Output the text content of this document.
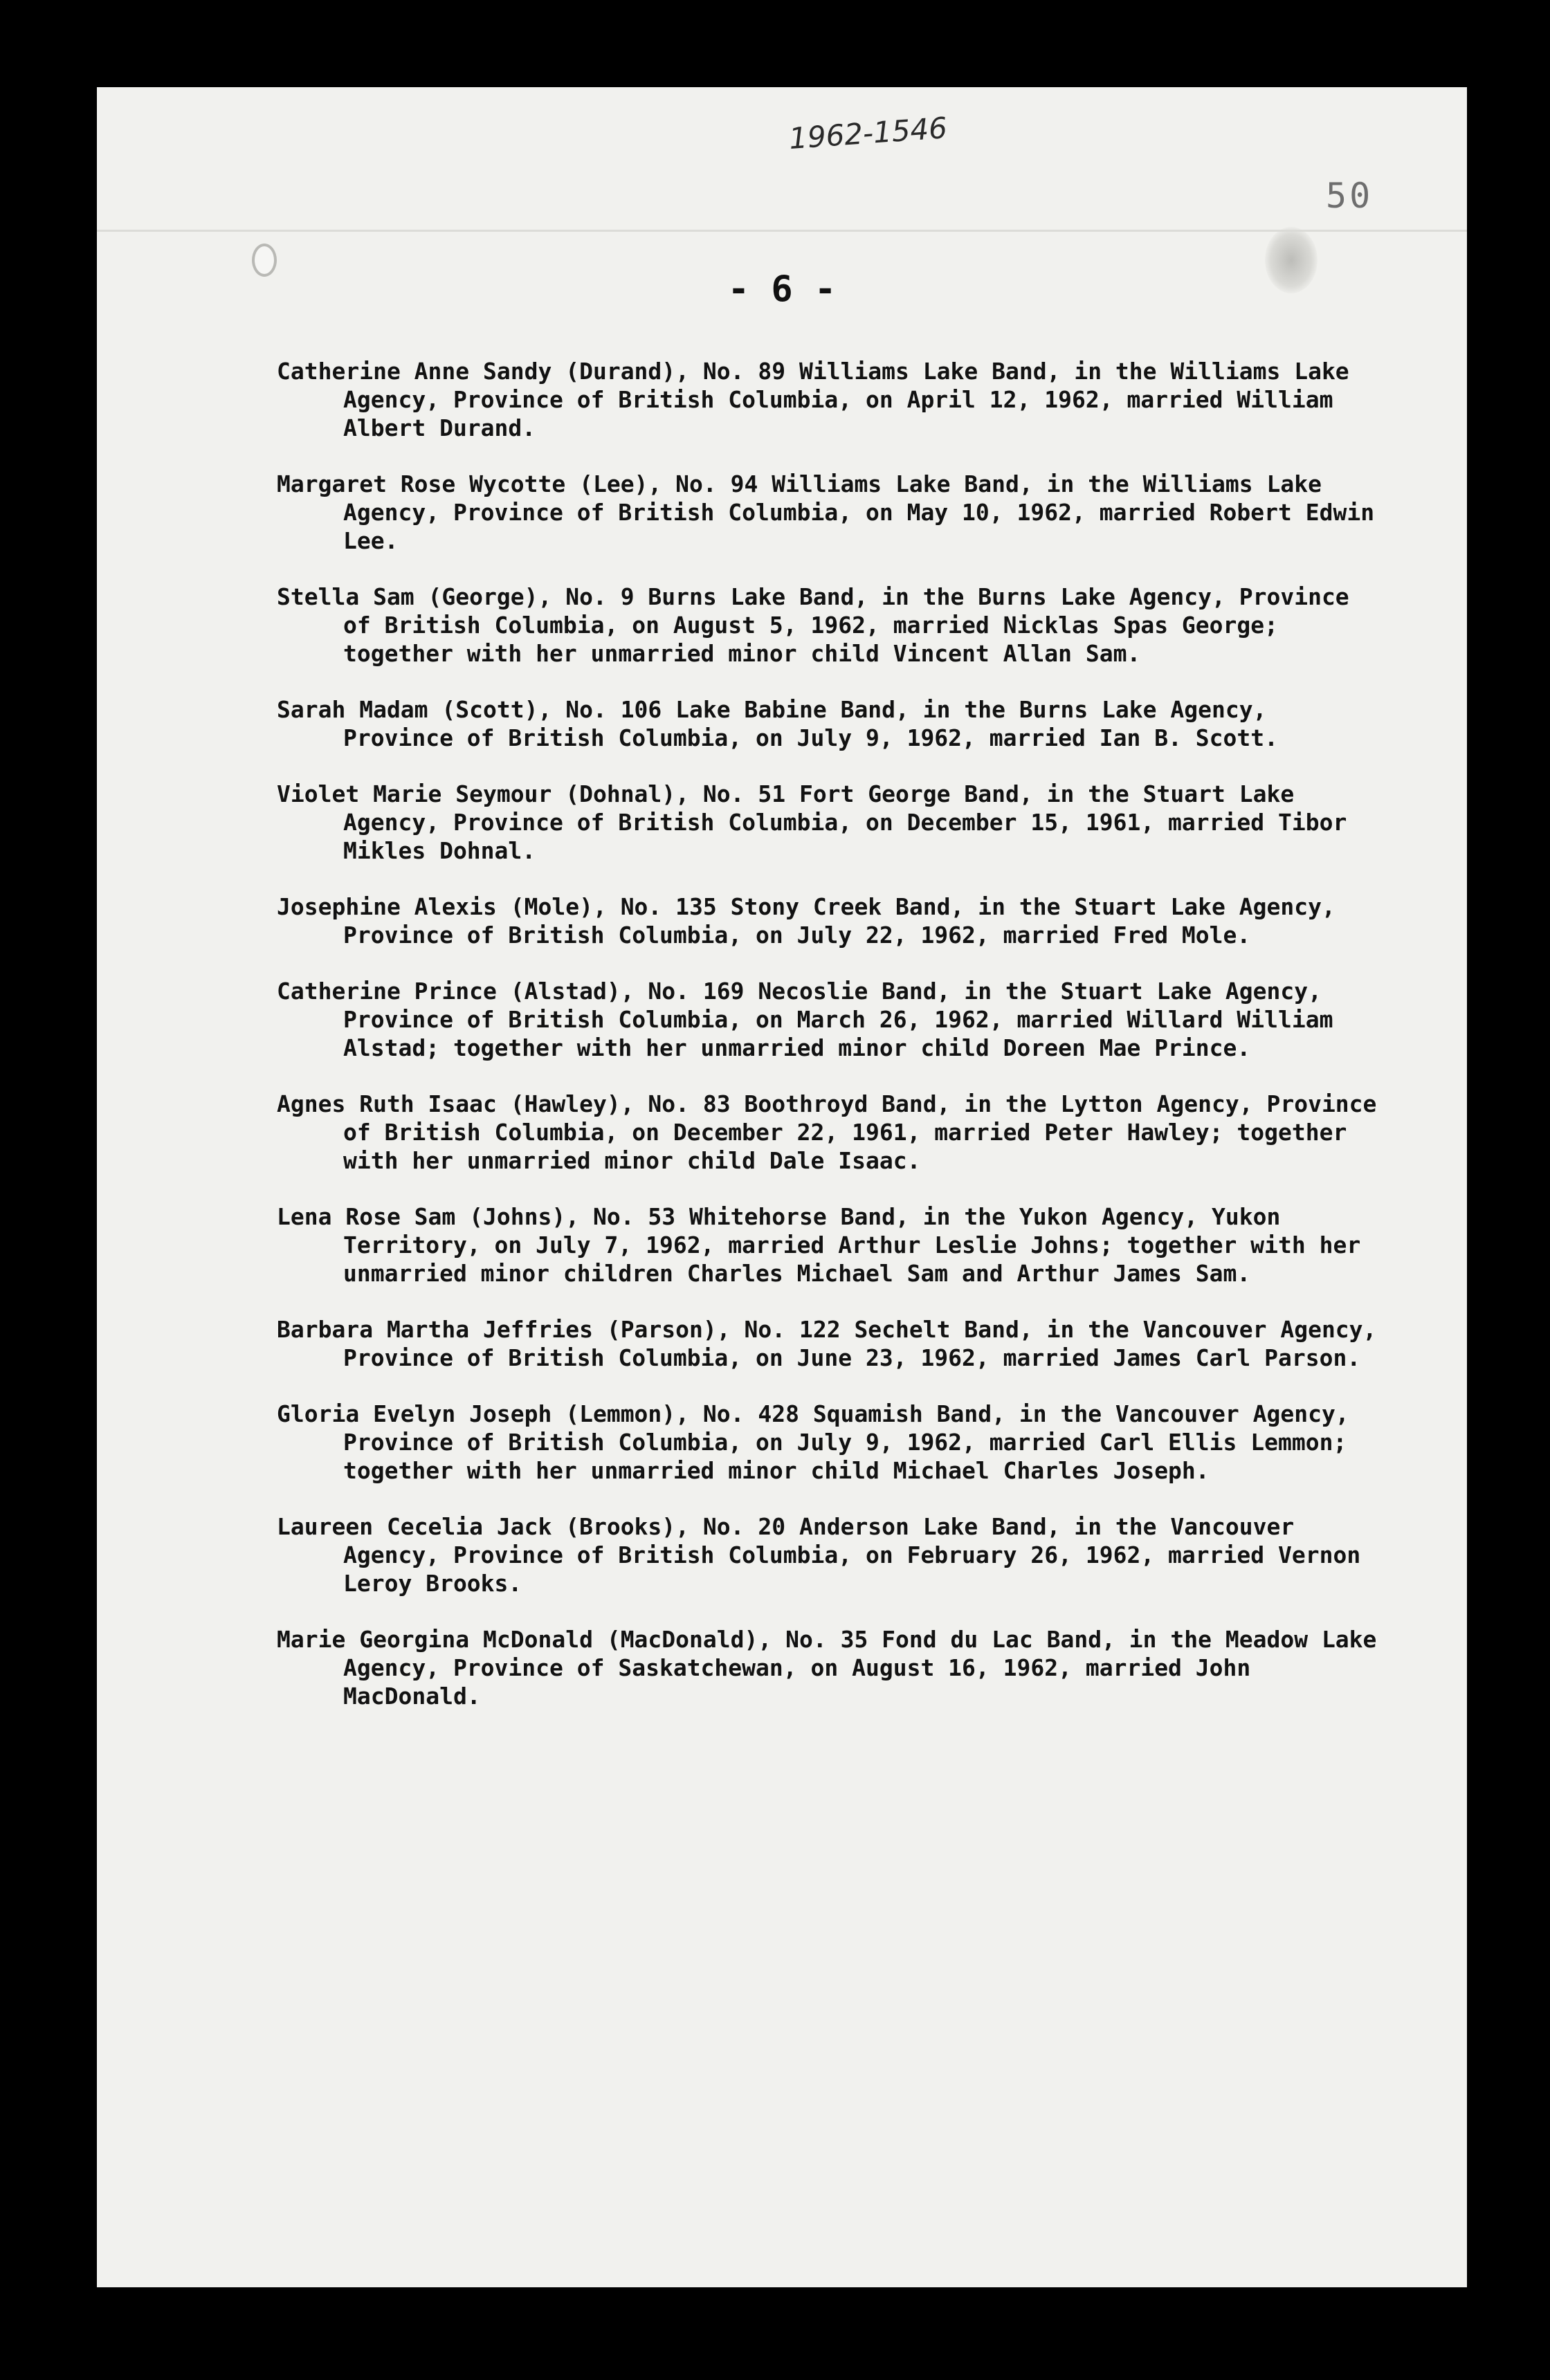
1962-1546
50
- 6 -
Catherine Anne Sandy (Durand), No. 89 Williams Lake Band, in the Williams Lake Agency, Province of British Columbia, on April 12, 1962, married William Albert Durand.
Margaret Rose Wycotte (Lee), No. 94 Williams Lake Band, in the Williams Lake Agency, Province of British Columbia, on May 10, 1962, married Robert Edwin Lee.
Stella Sam (George), No. 9 Burns Lake Band, in the Burns Lake Agency, Province of British Columbia, on August 5, 1962, married Nicklas Spas George; together with her unmarried minor child Vincent Allan Sam.
Sarah Madam (Scott), No. 106 Lake Babine Band, in the Burns Lake Agency, Province of British Columbia, on July 9, 1962, married Ian B. Scott.
Violet Marie Seymour (Dohnal), No. 51 Fort George Band, in the Stuart Lake Agency, Province of British Columbia, on December 15, 1961, married Tibor Mikles Dohnal.
Josephine Alexis (Mole), No. 135 Stony Creek Band, in the Stuart Lake Agency, Province of British Columbia, on July 22, 1962, married Fred Mole.
Catherine Prince (Alstad), No. 169 Necoslie Band, in the Stuart Lake Agency, Province of British Columbia, on March 26, 1962, married Willard William Alstad; together with her unmarried minor child Doreen Mae Prince.
Agnes Ruth Isaac (Hawley), No. 83 Boothroyd Band, in the Lytton Agency, Province of British Columbia, on December 22, 1961, married Peter Hawley; together with her unmarried minor child Dale Isaac.
Lena Rose Sam (Johns), No. 53 Whitehorse Band, in the Yukon Agency, Yukon Territory, on July 7, 1962, married Arthur Leslie Johns; together with her unmarried minor children Charles Michael Sam and Arthur James Sam.
Barbara Martha Jeffries (Parson), No. 122 Sechelt Band, in the Vancouver Agency, Province of British Columbia, on June 23, 1962, married James Carl Parson.
Gloria Evelyn Joseph (Lemmon), No. 428 Squamish Band, in the Vancouver Agency, Province of British Columbia, on July 9, 1962, married Carl Ellis Lemmon; together with her unmarried minor child Michael Charles Joseph.
Laureen Cecelia Jack (Brooks), No. 20 Anderson Lake Band, in the Vancouver Agency, Province of British Columbia, on February 26, 1962, married Vernon Leroy Brooks.
Marie Georgina McDonald (MacDonald), No. 35 Fond du Lac Band, in the Meadow Lake Agency, Province of Saskatchewan, on August 16, 1962, married John MacDonald.
